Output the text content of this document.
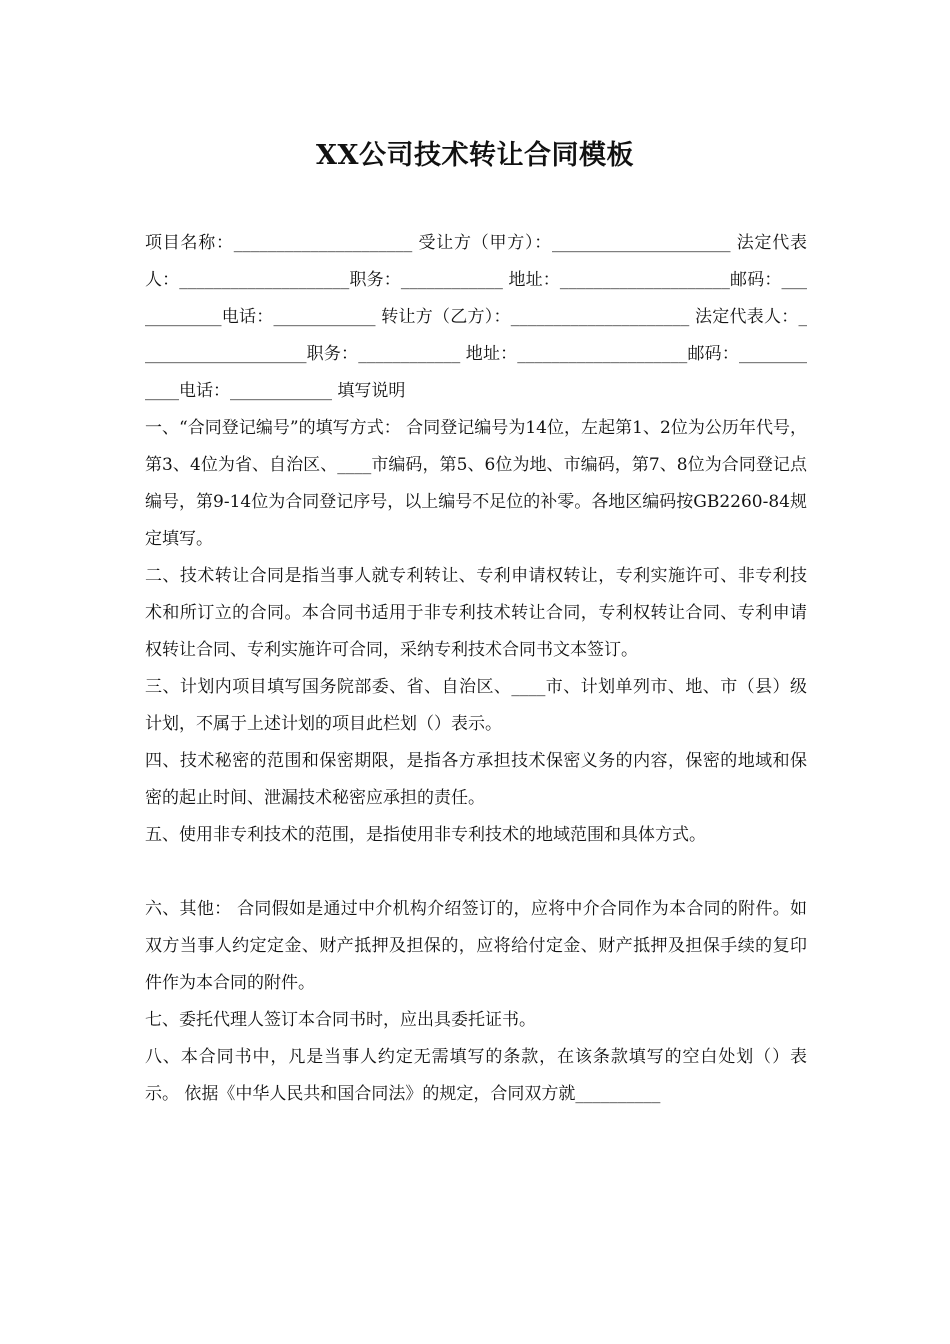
XX公司技术转让合同模板

项目名称：_____________________ 受让方（甲方）：_____________________ 法定代表人：____________________职务：____________ 地址：____________________邮码：____________电话：____________ 转让方（乙方）：_____________________ 法定代表人：____________________职务：____________ 地址：____________________邮码：____________电话：____________ 填写说明

一、“合同登记编号”的填写方式： 合同登记编号为14位，左起第1、2位为公历年代号，第3、4位为省、自治区、____市编码，第5、6位为地、市编码，第7、8位为合同登记点编号，第9-14位为合同登记序号，以上编号不足位的补零。各地区编码按GB2260-84规定填写。

二、技术转让合同是指当事人就专利转让、专利申请权转让，专利实施许可、非专利技术和所订立的合同。本合同书适用于非专利技术转让合同，专利权转让合同、专利申请权转让合同、专利实施许可合同，采纳专利技术合同书文本签订。

三、计划内项目填写国务院部委、省、自治区、____市、计划单列市、地、市（县）级计划，不属于上述计划的项目此栏划（）表示。

四、技术秘密的范围和保密期限，是指各方承担技术保密义务的内容，保密的地域和保密的起止时间、泄漏技术秘密应承担的责任。

五、使用非专利技术的范围，是指使用非专利技术的地域范围和具体方式。

六、其他： 合同假如是通过中介机构介绍签订的，应将中介合同作为本合同的附件。如双方当事人约定定金、财产抵押及担保的，应将给付定金、财产抵押及担保手续的复印件作为本合同的附件。

七、委托代理人签订本合同书时，应出具委托证书。

八、本合同书中，凡是当事人约定无需填写的条款，在该条款填写的空白处划（）表示。 依据《中华人民共和国合同法》的规定，合同双方就__________
